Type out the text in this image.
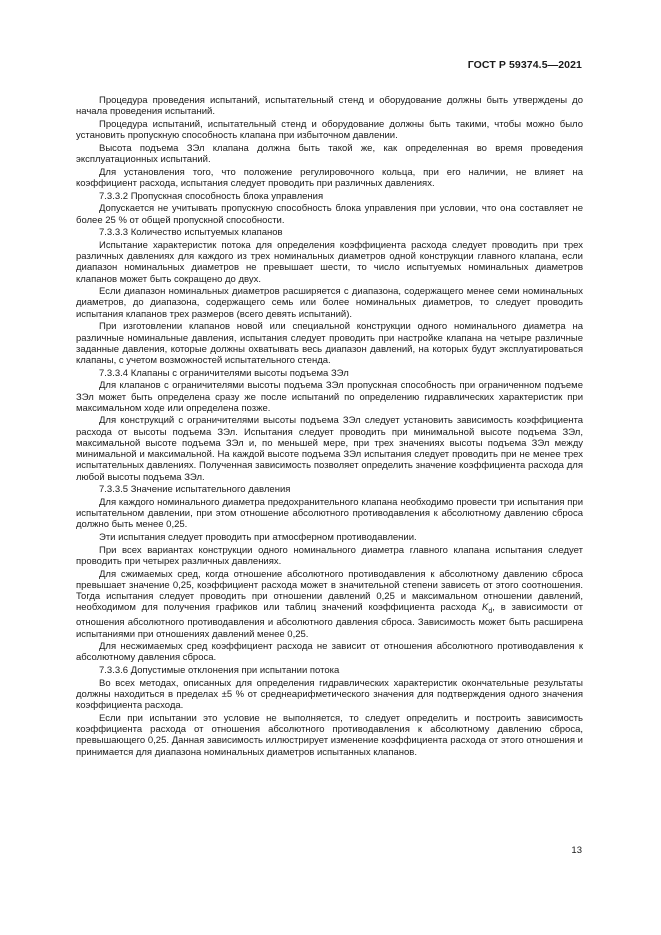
ГОСТ Р 59374.5—2021

Процедура проведения испытаний, испытательный стенд и оборудование должны быть утверждены до начала проведения испытаний.

Процедура испытаний, испытательный стенд и оборудование должны быть такими, чтобы можно было установить пропускную способность клапана при избыточном давлении.

Высота подъема ЗЭл клапана должна быть такой же, как определенная во время проведения эксплуатационных испытаний.

Для установления того, что положение регулировочного кольца, при его наличии, не влияет на коэффициент расхода, испытания следует проводить при различных давлениях.

7.3.3.2 Пропускная способность блока управления

Допускается не учитывать пропускную способность блока управления при условии, что она составляет не более 25 % от общей пропускной способности.

7.3.3.3 Количество испытуемых клапанов

Испытание характеристик потока для определения коэффициента расхода следует проводить при трех различных давлениях для каждого из трех номинальных диаметров одной конструкции главного клапана, если диапазон номинальных диаметров не превышает шести, то число испытуемых номинальных диаметров клапанов может быть сокращено до двух.

Если диапазон номинальных диаметров расширяется с диапазона, содержащего менее семи номинальных диаметров, до диапазона, содержащего семь или более номинальных диаметров, то следует проводить испытания клапанов трех размеров (всего девять испытаний).

При изготовлении клапанов новой или специальной конструкции одного номинального диаметра на различные номинальные давления, испытания следует проводить при настройке клапана на четыре различные заданные давления, которые должны охватывать весь диапазон давлений, на которых будут эксплуатироваться клапаны, с учетом возможностей испытательного стенда.

7.3.3.4 Клапаны с ограничителями высоты подъема ЗЭл

Для клапанов с ограничителями высоты подъема ЗЭл пропускная способность при ограниченном подъеме ЗЭл может быть определена сразу же после испытаний по определению гидравлических характеристик при максимальном ходе или определена позже.

Для конструкций с ограничителями высоты подъема ЗЭл следует установить зависимость коэффициента расхода от высоты подъема ЗЭл. Испытания следует проводить при минимальной высоте подъема ЗЭл, максимальной высоте подъема ЗЭл и, по меньшей мере, при трех значениях высоты подъема ЗЭл между минимальной и максимальной. На каждой высоте подъема ЗЭл испытания следует проводить при не менее трех испытательных давлениях. Полученная зависимость позволяет определить значение коэффициента расхода для любой высоты подъема ЗЭл.

7.3.3.5 Значение испытательного давления

Для каждого номинального диаметра предохранительного клапана необходимо провести три испытания при испытательном давлении, при этом отношение абсолютного противодавления к абсолютному давлению сброса должно быть менее 0,25.

Эти испытания следует проводить при атмосферном противодавлении.

При всех вариантах конструкции одного номинального диаметра главного клапана испытания следует проводить при четырех различных давлениях.

Для сжимаемых сред, когда отношение абсолютного противодавления к абсолютному давлению сброса превышает значение 0,25, коэффициент расхода может в значительной степени зависеть от этого соотношения. Тогда испытания следует проводить при отношении давлений 0,25 и максимальном отношении давлений, необходимом для получения графиков или таблиц значений коэффициента расхода $K_d$, в зависимости от отношения абсолютного противодавления и абсолютного давления сброса. Зависимость может быть расширена испытаниями при отношениях давлений менее 0,25.

Для несжимаемых сред коэффициент расхода не зависит от отношения абсолютного противодавления к абсолютному давления сброса.

7.3.3.6 Допустимые отклонения при испытании потока

Во всех методах, описанных для определения гидравлических характеристик окончательные результаты должны находиться в пределах ±5 % от среднеарифметического значения для подтверждения одного значения коэффициента расхода.

Если при испытании это условие не выполняется, то следует определить и построить зависимость коэффициента расхода от отношения абсолютного противодавления к абсолютному давлению сброса, превышающего 0,25. Данная зависимость иллюстрирует изменение коэффициента расхода от этого отношения и принимается для диапазона номинальных диаметров испытанных клапанов.

13
